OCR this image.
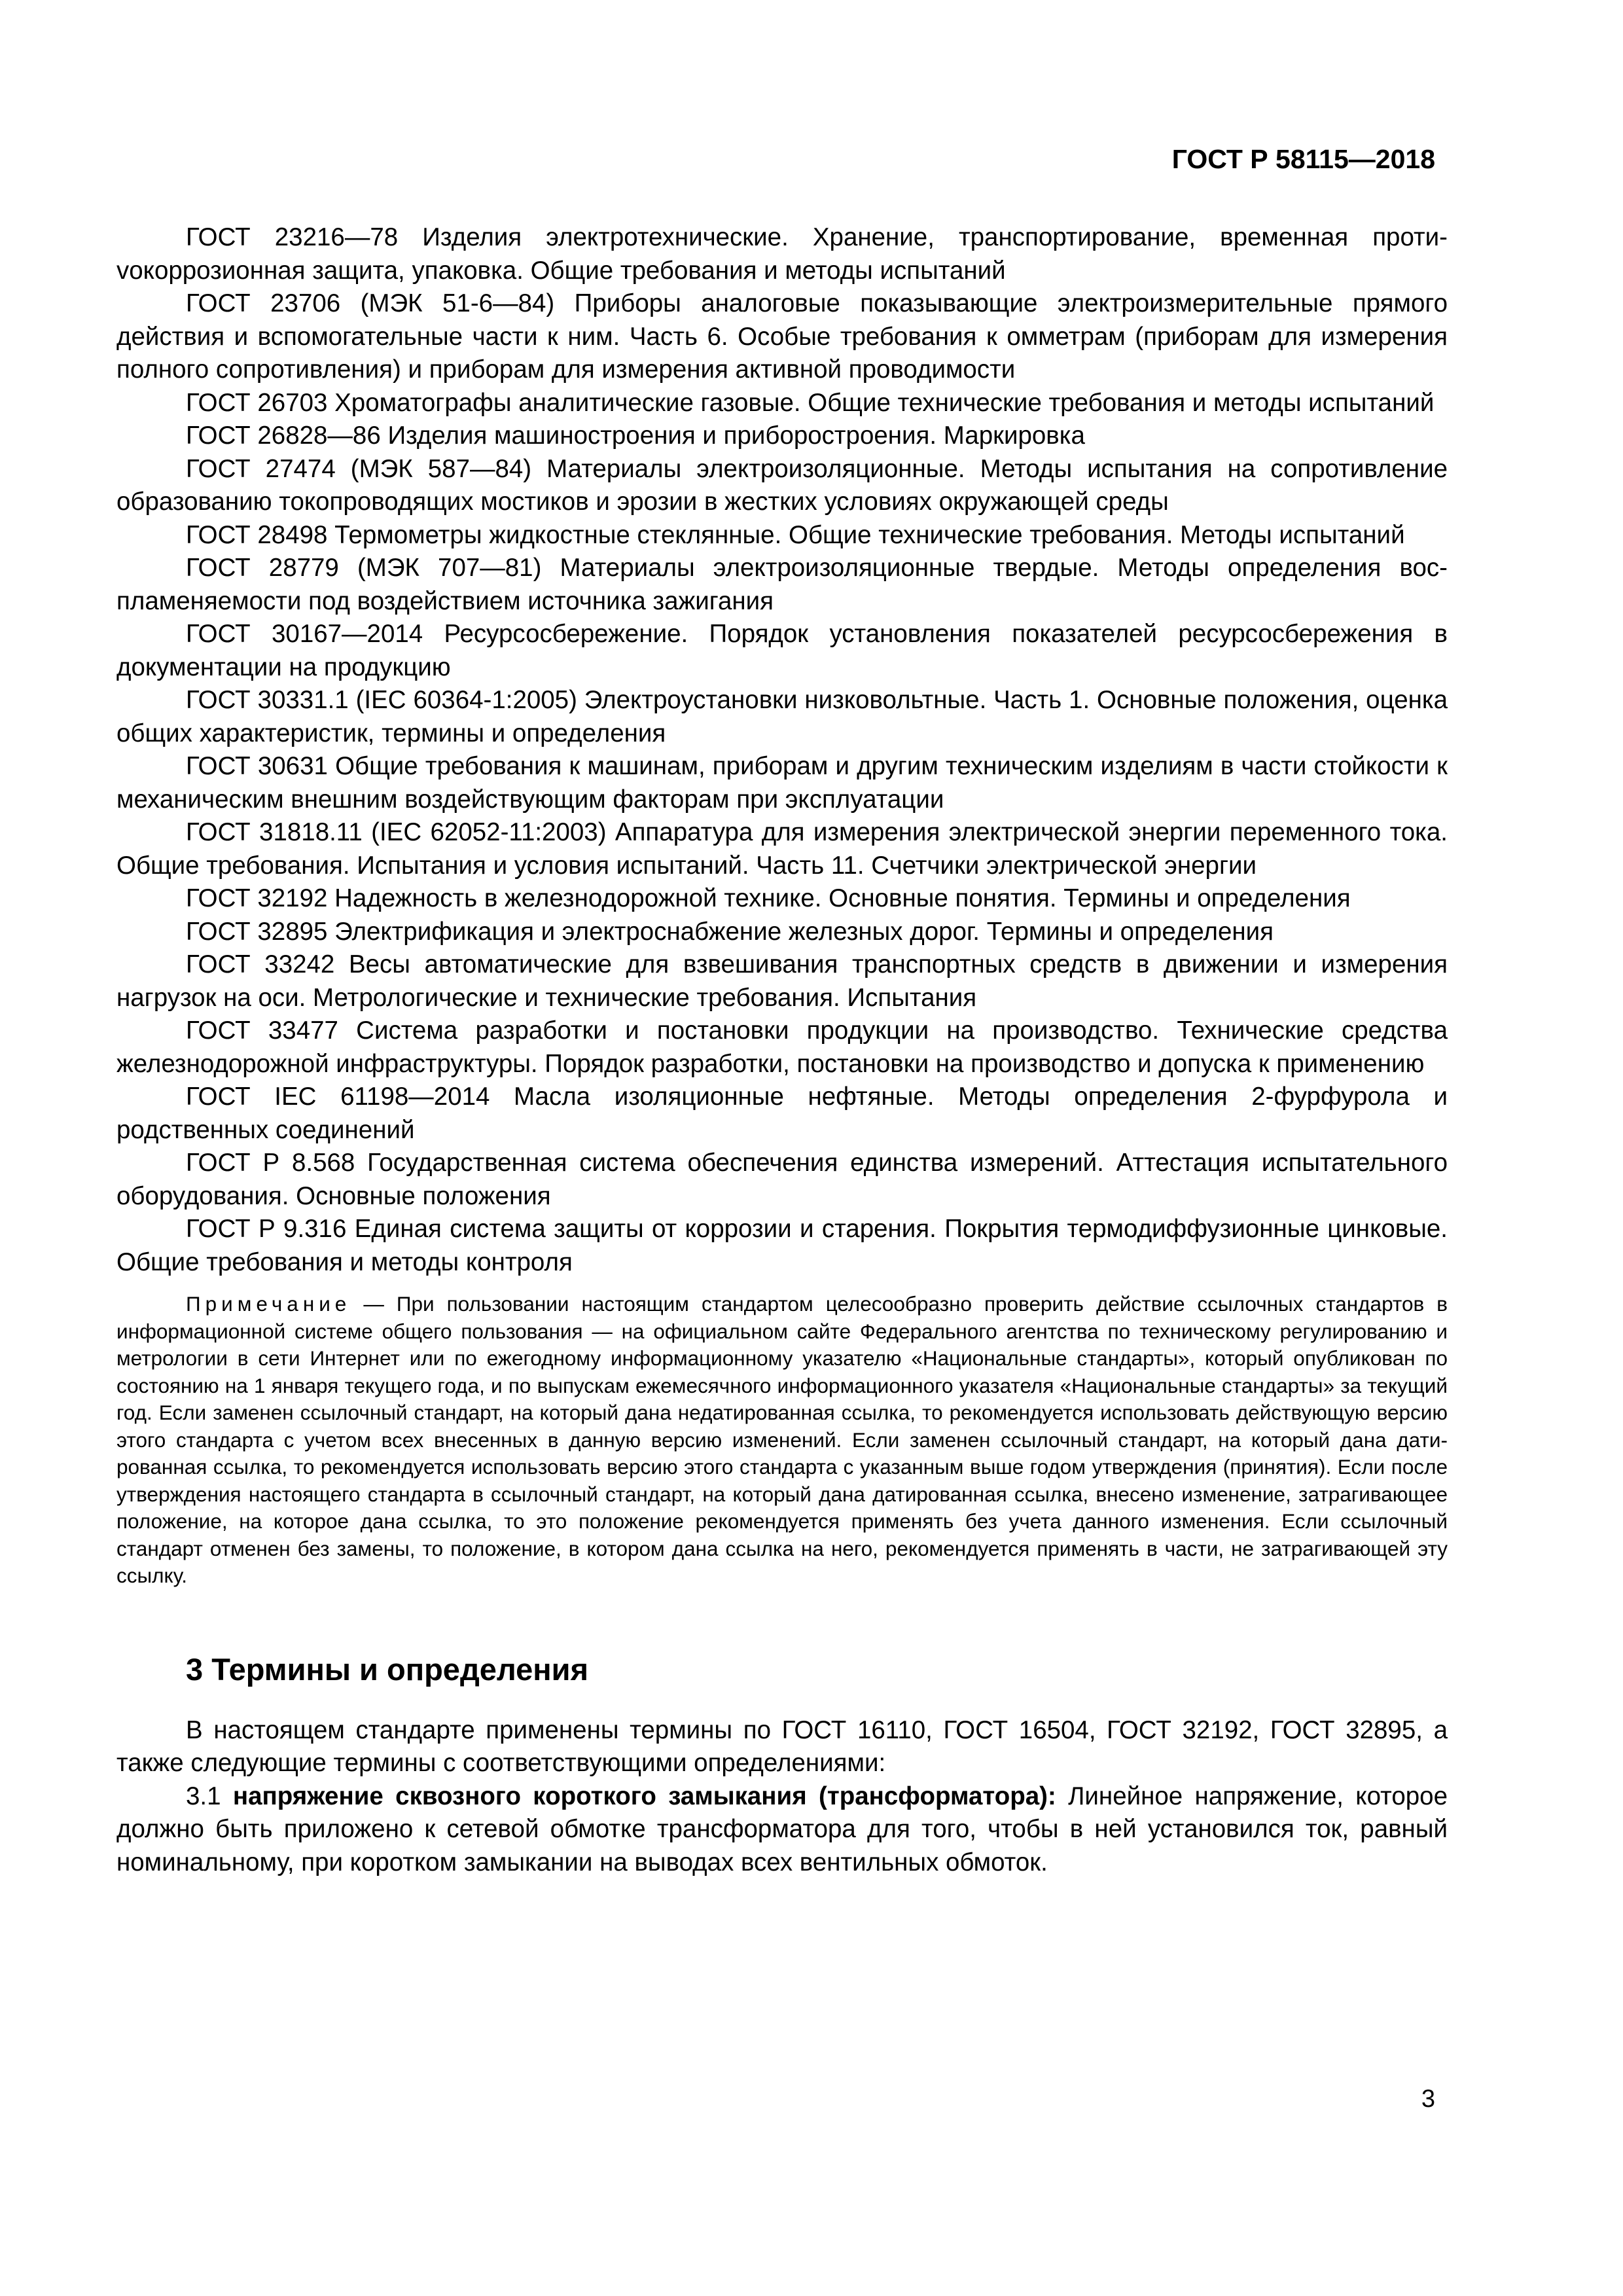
ГОСТ Р 58115—2018

ГОСТ 23216—78 Изделия электротехнические. Хранение, транспортирование, временная протиvокоррозионная защита, упаковка. Общие требования и методы испытаний

ГОСТ 23706 (МЭК 51-6—84) Приборы аналоговые показывающие электроизмерительные прямого действия и вспомогательные части к ним. Часть 6. Особые требования к омметрам (приборам для измерения полного сопротивления) и приборам для измерения активной проводимости

ГОСТ 26703 Хроматографы аналитические газовые. Общие технические требования и методы испытаний

ГОСТ 26828—86 Изделия машиностроения и приборостроения. Маркировка

ГОСТ 27474 (МЭК 587—84) Материалы электроизоляционные. Методы испытания на сопротивление образованию токопроводящих мостиков и эрозии в жестких условиях окружающей среды

ГОСТ 28498 Термометры жидкостные стеклянные. Общие технические требования. Методы испытаний

ГОСТ 28779 (МЭК 707—81) Материалы электроизоляционные твердые. Методы определения воспламеняемости под воздействием источника зажигания

ГОСТ 30167—2014 Ресурсосбережение. Порядок установления показателей ресурсосбережения в документации на продукцию

ГОСТ 30331.1 (IEC 60364-1:2005) Электроустановки низковольтные. Часть 1. Основные положения, оценка общих характеристик, термины и определения

ГОСТ 30631 Общие требования к машинам, приборам и другим техническим изделиям в части стойкости к механическим внешним воздействующим факторам при эксплуатации

ГОСТ 31818.11 (IEC 62052-11:2003) Аппаратура для измерения электрической энергии переменного тока. Общие требования. Испытания и условия испытаний. Часть 11. Счетчики электрической энергии

ГОСТ 32192 Надежность в железнодорожной технике. Основные понятия. Термины и определения

ГОСТ 32895 Электрификация и электроснабжение железных дорог. Термины и определения

ГОСТ 33242 Весы автоматические для взвешивания транспортных средств в движении и измерения нагрузок на оси. Метрологические и технические требования. Испытания

ГОСТ 33477 Система разработки и постановки продукции на производство. Технические средства железнодорожной инфраструктуры. Порядок разработки, постановки на производство и допуска к применению

ГОСТ IEC 61198—2014 Масла изоляционные нефтяные. Методы определения 2-фурфурола и родственных соединений

ГОСТ Р 8.568 Государственная система обеспечения единства измерений. Аттестация испытательного оборудования. Основные положения

ГОСТ Р 9.316 Единая система защиты от коррозии и старения. Покрытия термодиффузионные цинковые. Общие требования и методы контроля

Примечание — При пользовании настоящим стандартом целесообразно проверить действие ссылочных стандартов в информационной системе общего пользования — на официальном сайте Федерального агентства по техническому регулированию и метрологии в сети Интернет или по ежегодному информационному указателю «Национальные стандарты», который опубликован по состоянию на 1 января текущего года, и по выпускам ежемесячного информационного указателя «Национальные стандарты» за текущий год. Если заменен ссылочный стандарт, на который дана недатированная ссылка, то рекомендуется использовать действующую версию этого стандарта с учетом всех внесенных в данную версию изменений. Если заменен ссылочный стандарт, на который дана датированная ссылка, то рекомендуется использовать версию этого стандарта с указанным выше годом утверждения (принятия). Если после утверждения настоящего стандарта в ссылочный стандарт, на который дана датированная ссылка, внесено изменение, затрагивающее положение, на которое дана ссылка, то это положение рекомендуется применять без учета данного изменения. Если ссылочный стандарт отменен без замены, то положение, в котором дана ссылка на него, рекомендуется применять в части, не затрагивающей эту ссылку.

3 Термины и определения

В настоящем стандарте применены термины по ГОСТ 16110, ГОСТ 16504, ГОСТ 32192, ГОСТ 32895, а также следующие термины с соответствующими определениями:

3.1 напряжение сквозного короткого замыкания (трансформатора): Линейное напряжение, которое должно быть приложено к сетевой обмотке трансформатора для того, чтобы в ней установился ток, равный номинальному, при коротком замыкании на выводах всех вентильных обмоток.

3
